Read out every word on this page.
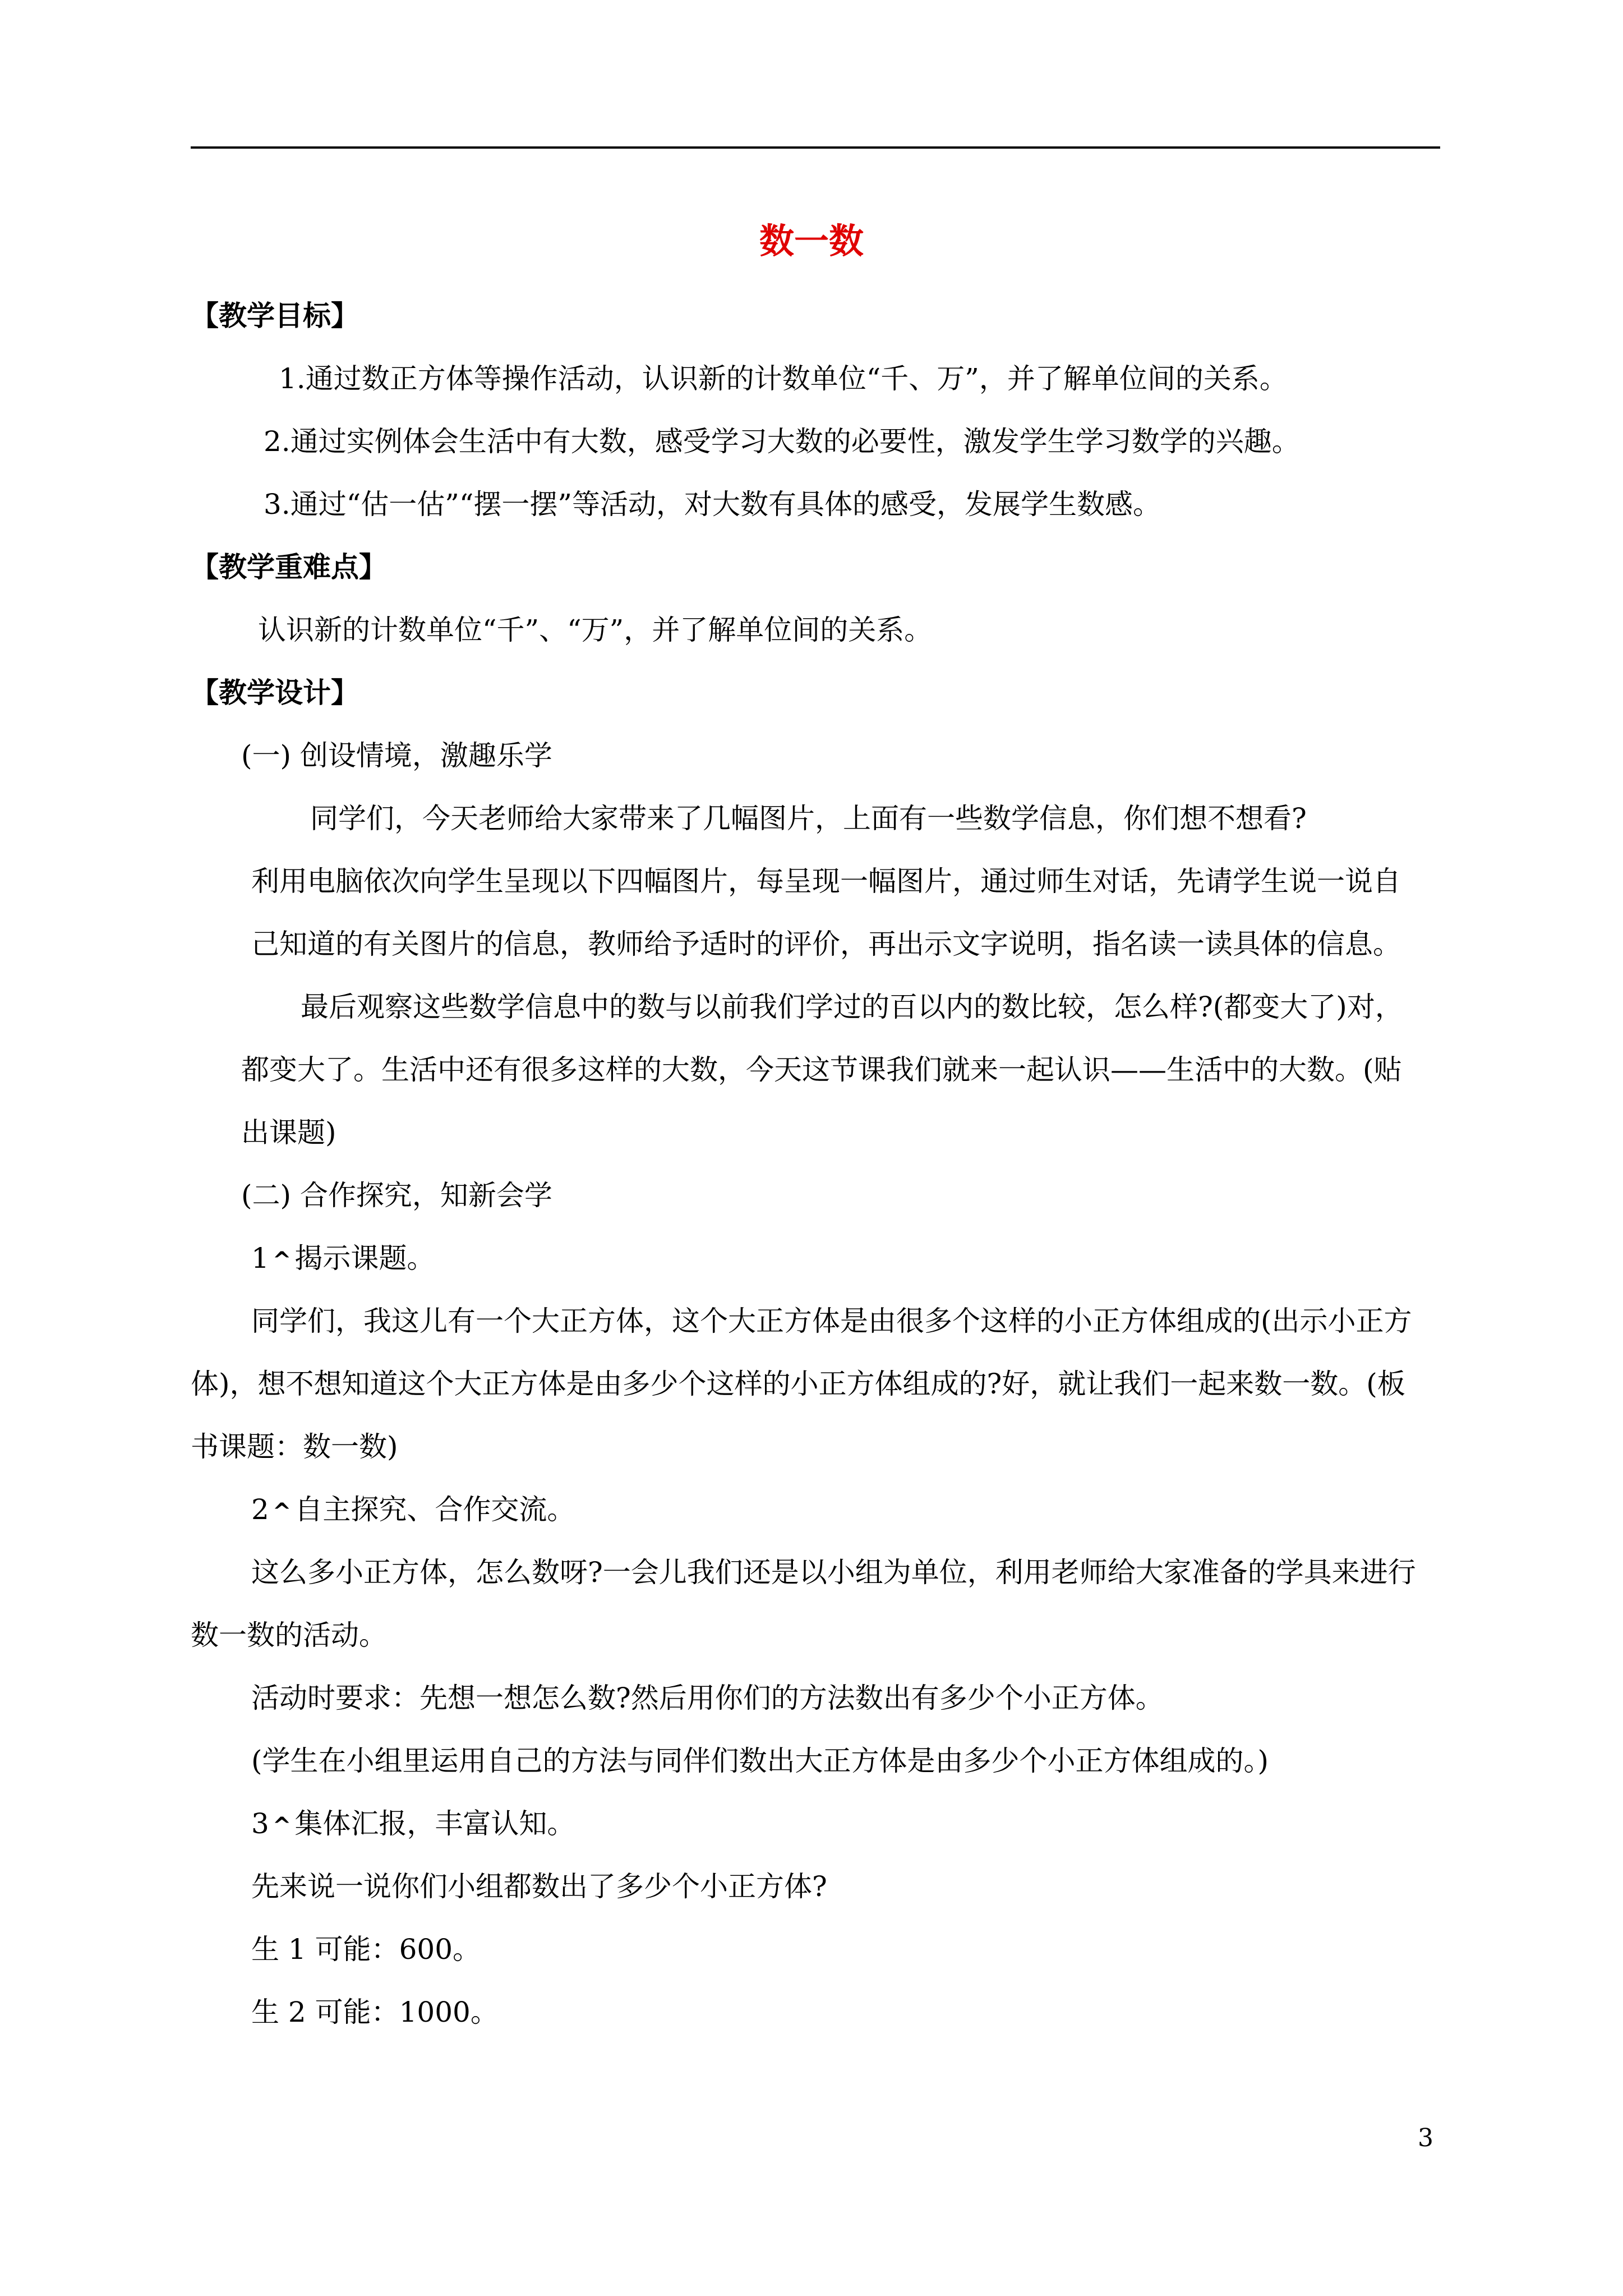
数一数
【教学目标】
1.通过数正方体等操作活动，认识新的计数单位“千、万”，并了解单位间的关系。
2.通过实例体会生活中有大数，感受学习大数的必要性，激发学生学习数学的兴趣。
3.通过“估一估”“摆一摆”等活动，对大数有具体的感受，发展学生数感。
【教学重难点】
认识新的计数单位“千”、“万”，并了解单位间的关系。
【教学设计】
(一) 创设情境，激趣乐学
同学们，今天老师给大家带来了几幅图片，上面有一些数学信息，你们想不想看?
利用电脑依次向学生呈现以下四幅图片，每呈现一幅图片，通过师生对话，先请学生说一说自
己知道的有关图片的信息，教师给予适时的评价，再出示文字说明，指名读一读具体的信息。
最后观察这些数学信息中的数与以前我们学过的百以内的数比较，怎么样?(都变大了)对，
都变大了。生活中还有很多这样的大数，今天这节课我们就来一起认识——生活中的大数。(贴
出课题)
(二) 合作探究，知新会学
1 ^ 揭示课题。
同学们，我这儿有一个大正方体，这个大正方体是由很多个这样的小正方体组成的(出示小正方
体)，想不想知道这个大正方体是由多少个这样的小正方体组成的?好，就让我们一起来数一数。(板
书课题：数一数)
2 ^ 自主探究、合作交流。
这么多小正方体，怎么数呀?一会儿我们还是以小组为单位，利用老师给大家准备的学具来进行
数一数的活动。
活动时要求：先想一想怎么数?然后用你们的方法数出有多少个小正方体。
(学生在小组里运用自己的方法与同伴们数出大正方体是由多少个小正方体组成的。)
3 ^ 集体汇报，丰富认知。
先来说一说你们小组都数出了多少个小正方体?
生 1 可能：600。
生 2 可能：1000。
3
